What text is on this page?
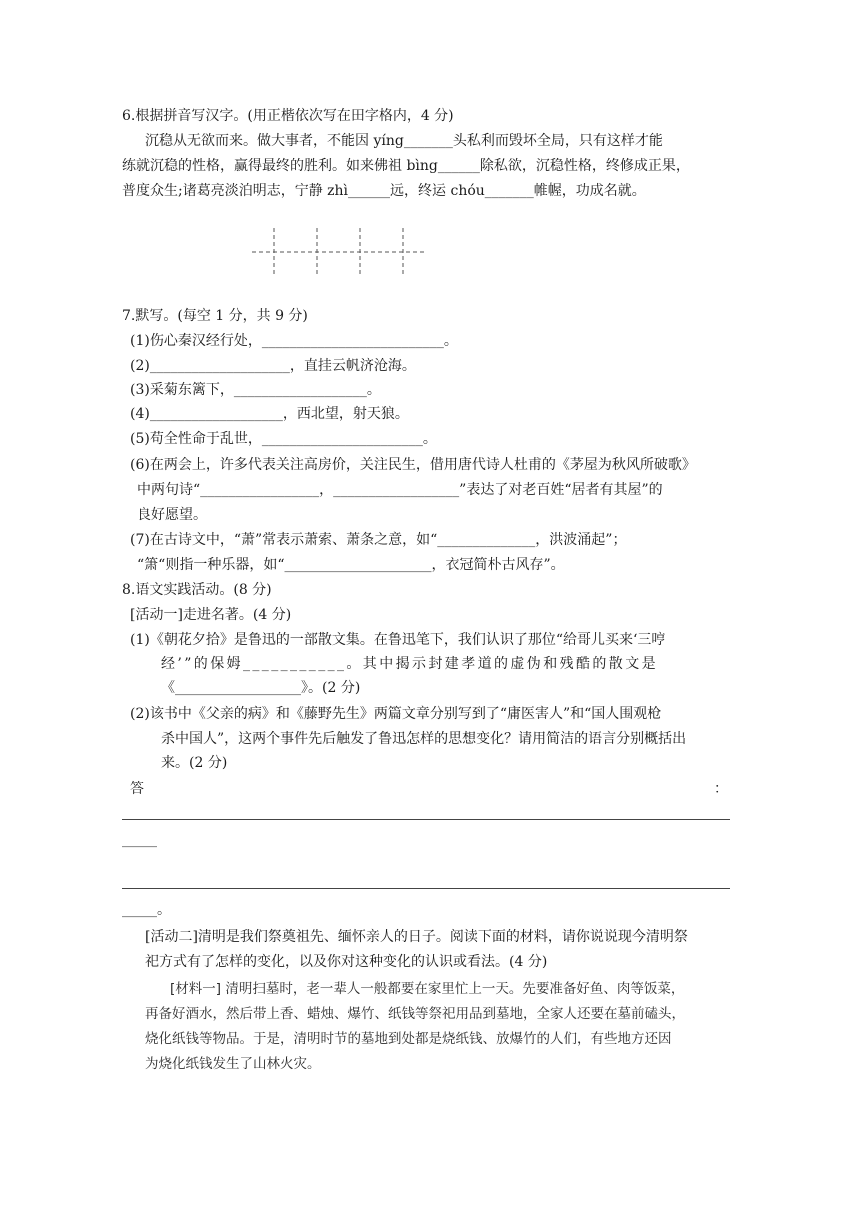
6.根据拼音写汉字。(用正楷依次写在田字格内，4 分)
沉稳从无欲而来。做大事者，不能因 yíng_______头私利而毁坏全局，只有这样才能
练就沉稳的性格，赢得最终的胜利。如来佛祖 bìng______除私欲，沉稳性格，终修成正果，
普度众生;诸葛亮淡泊明志，宁静 zhì______远，终运 chóu_______帷幄，功成名就。
7.默写。(每空 1 分，共 9 分)
(1)伤心秦汉经行处，__________________________。
(2)____________________，直挂云帆济沧海。
(3)采菊东篱下，___________________。
(4)___________________，西北望，射天狼。
(5)苟全性命于乱世，_______________________。
(6)在两会上，许多代表关注高房价，关注民生，借用唐代诗人杜甫的《茅屋为秋风所破歌》
中两句诗“_________________，__________________”表达了对老百姓“居者有其屋”的
良好愿望。
(7)在古诗文中，“萧”常表示萧索、萧条之意，如“______________，洪波涌起”；
“箫“则指一种乐器，如“_____________________，衣冠简朴古风存”。
8.语文实践活动。(8 分)
[活动一]走进名著。(4 分)
(1)《朝花夕拾》是鲁迅的一部散文集。在鲁迅笔下，我们认识了那位“给哥儿买来‘三哼
经’”的保姆___________。其中揭示封建孝道的虚伪和残酷的散文是
《__________________》。(2 分)
(2)该书中《父亲的病》和《藤野先生》两篇文章分别写到了“庸医害人”和“国人围观枪
杀中国人”，这两个事件先后触发了鲁迅怎样的思想变化？请用简洁的语言分别概括出
来。(2 分)
答	：
_____
_____。
[活动二]清明是我们祭奠祖先、缅怀亲人的日子。阅读下面的材料，请你说说现今清明祭
祀方式有了怎样的变化，以及你对这种变化的认识或看法。(4 分)
[材料一] 清明扫墓时，老一辈人一般都要在家里忙上一天。先要准备好鱼、肉等饭菜，
再备好酒水，然后带上香、蜡烛、爆竹、纸钱等祭祀用品到墓地，全家人还要在墓前磕头，
烧化纸钱等物品。于是，清明时节的墓地到处都是烧纸钱、放爆竹的人们，有些地方还因
为烧化纸钱发生了山林火灾。
